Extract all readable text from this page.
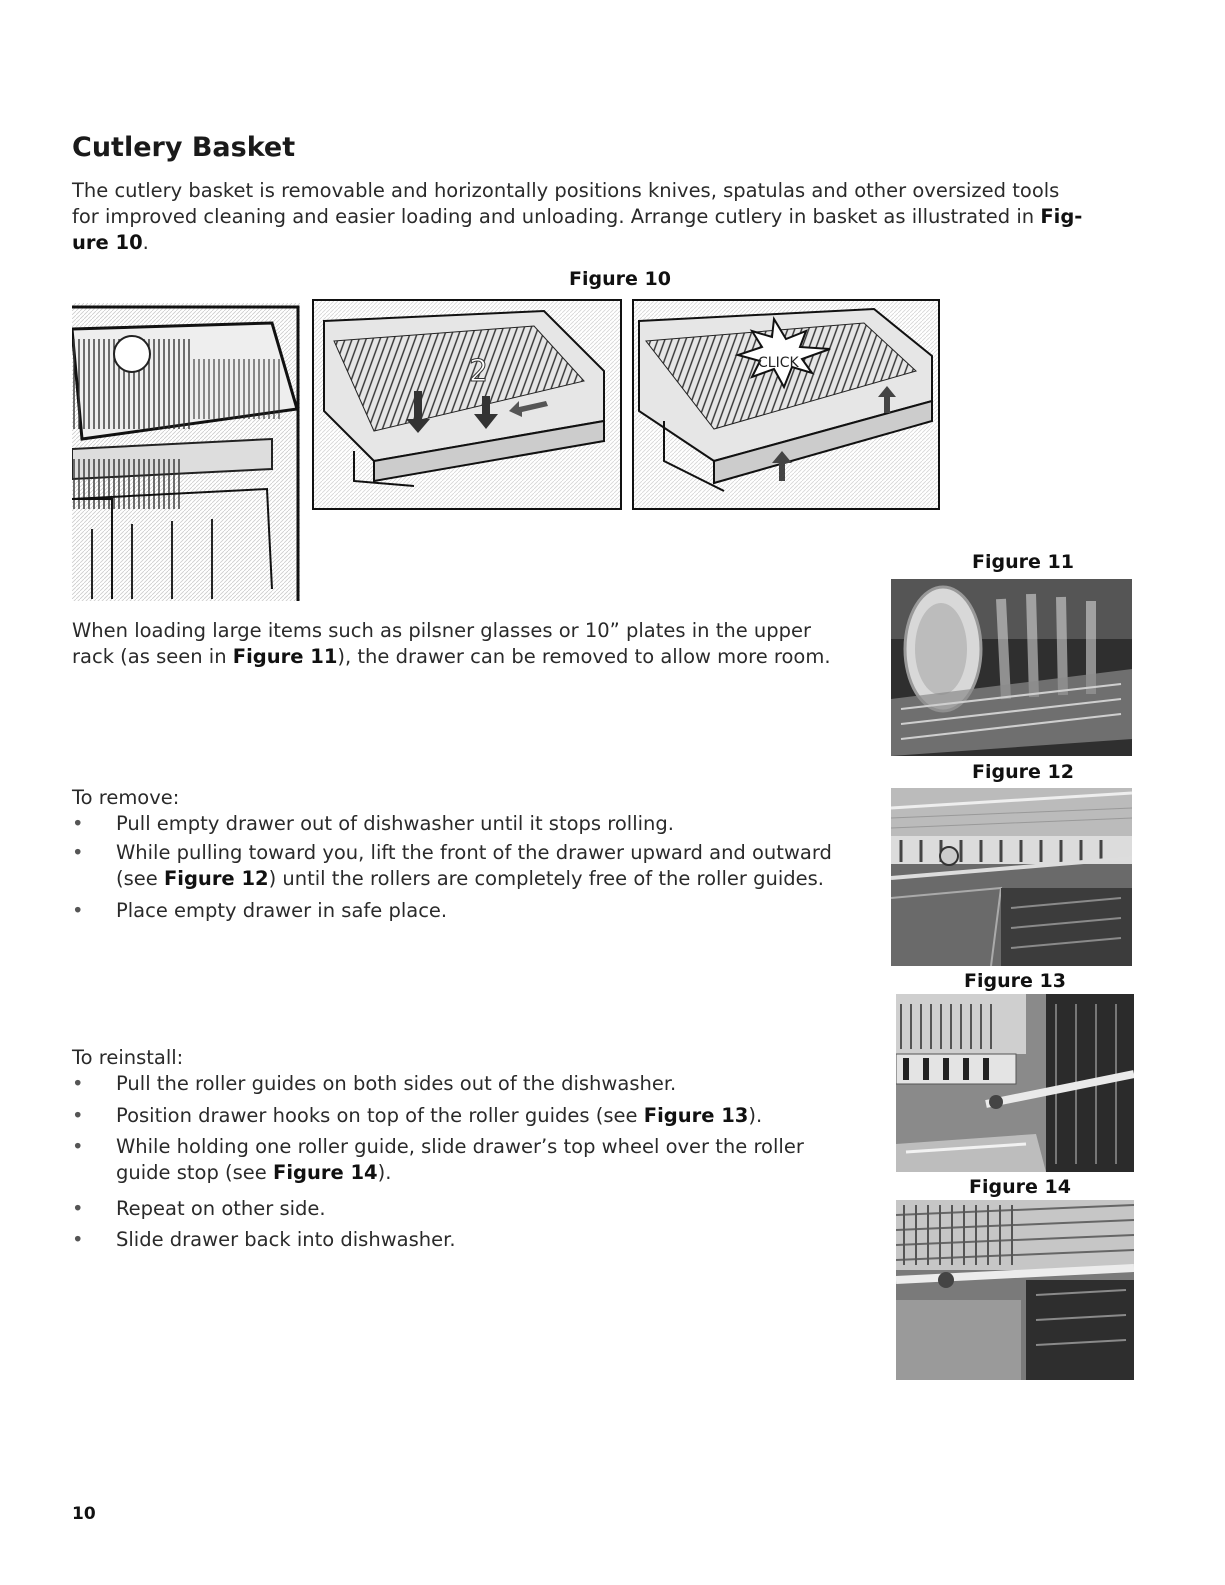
Cutlery Basket
The cutlery basket is removable and horizontally positions knives, spatulas and other oversized tools
for improved cleaning and easier loading and unloading. Arrange cutlery in basket as illustrated in Fig-
ure 10.
Figure 10
2	CLICK
Figure 11
When loading large items such as pilsner glasses or 10” plates in the upper
rack (as seen in Figure 11), the drawer can be removed to allow more room.
Figure 12
To remove:
•	Pull empty drawer out of dishwasher until it stops rolling.
•	While pulling toward you, lift the front of the drawer upward and outward
(see Figure 12) until the rollers are completely free of the roller guides.
•	Place empty drawer in safe place.
Figure 13
To reinstall:
•	Pull the roller guides on both sides out of the dishwasher.
•	Position drawer hooks on top of the roller guides (see Figure 13).
•	While holding one roller guide, slide drawer’s top wheel over the roller
guide stop (see Figure 14).
•	Repeat on other side.
•	Slide drawer back into dishwasher.
Figure 14
10
